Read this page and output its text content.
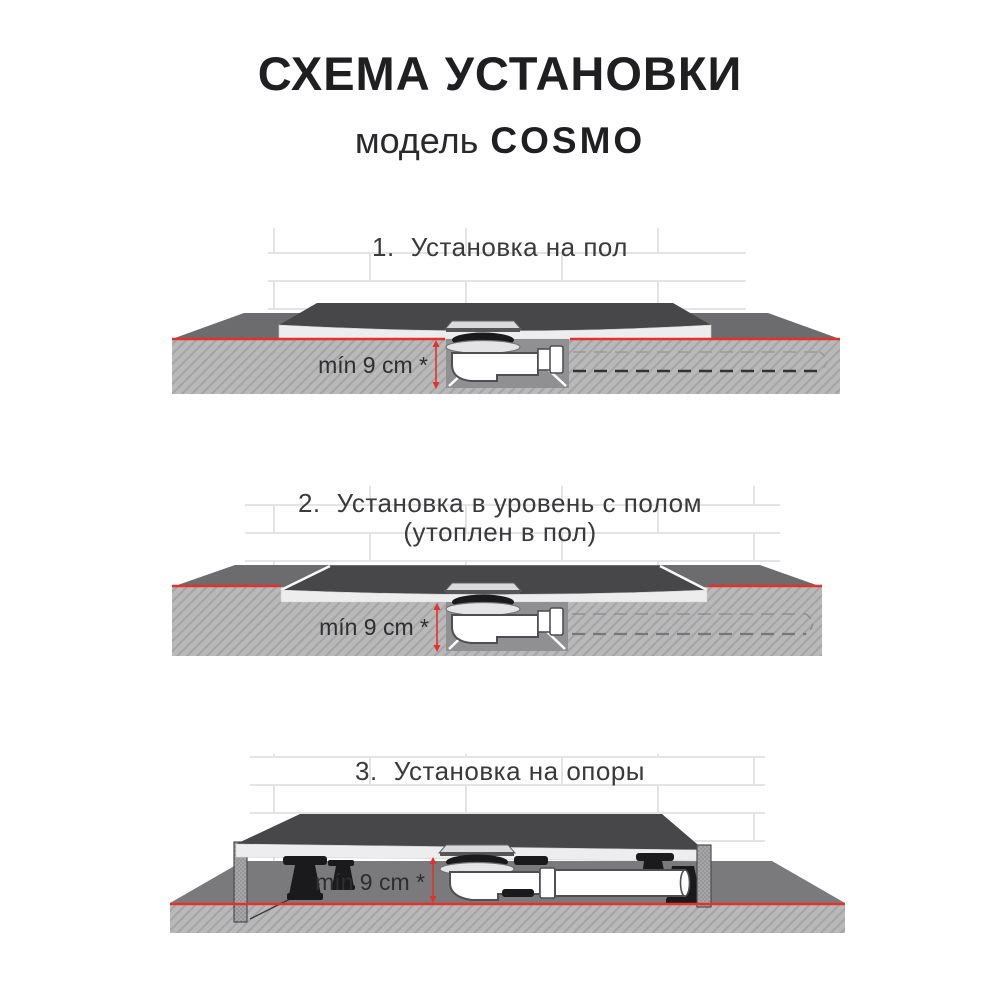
СХЕМА УСТАНОВКИ
модель COSMO
1. Установка на пол
2. Установка в уровень с полом
(утоплен в пол)
3. Установка на опоры
mín 9 cm *
mín 9 cm *
mín 9 cm *
